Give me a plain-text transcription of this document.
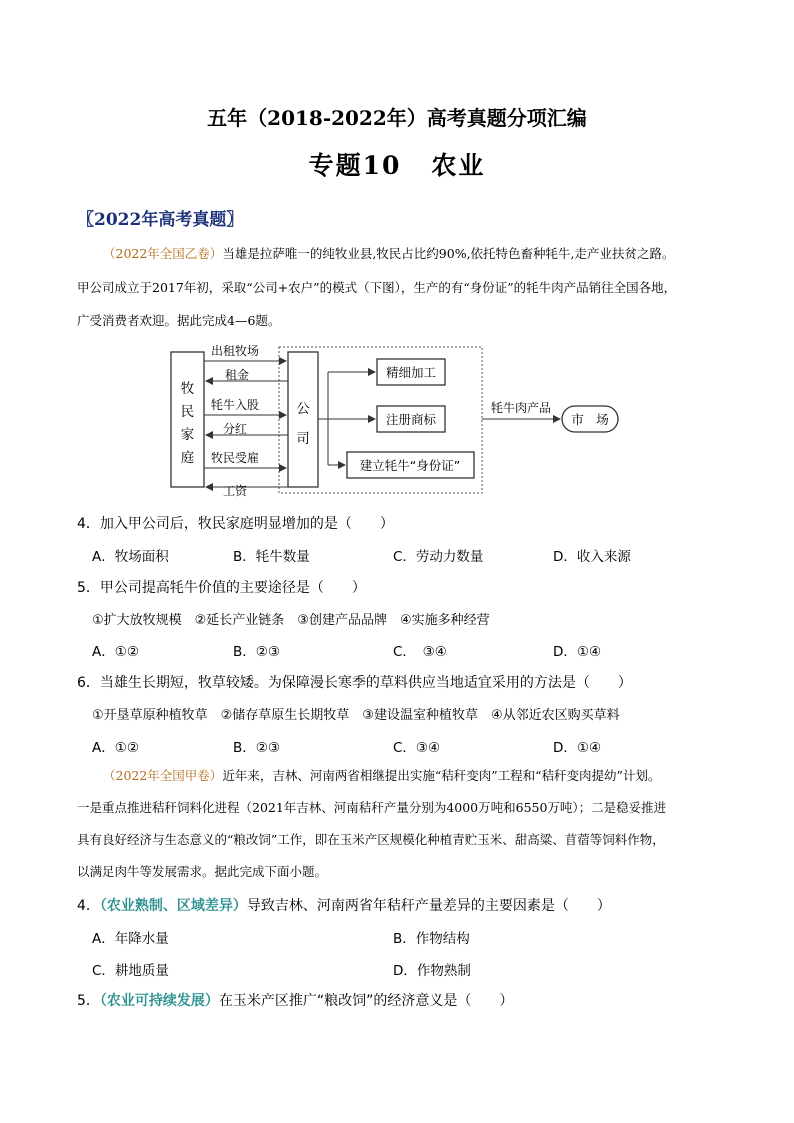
五年（2018-2022年）高考真题分项汇编
专题10 农业
〖2022年高考真题〗
（2022年全国乙卷）当雄是拉萨唯一的纯牧业县,牧民占比约90%,依托特色畜种牦牛,走产业扶贫之路。
甲公司成立于2017年初，采取“公司+农户”的模式（下图），生产的有“身份证”的牦牛肉产品销往全国各地，
广受消费者欢迎。据此完成4—6题。
牧
民
家
庭
公
司
出租牧场
租金
牦牛入股
分红
牧民受雇
工资
精细加工
注册商标
建立牦牛“身份证”
牦牛肉产品
市　场
4．加入甲公司后，牧民家庭明显增加的是（　　）
A．牧场面积	B．牦牛数量	C．劳动力数量	D．收入来源
5．甲公司提高牦牛价值的主要途径是（　　）
①扩大放牧规模　②延长产业链条　③创建产品品牌　④实施多种经营
A．①②	B．②③	C．　③④	D．①④
6．当雄生长期短，牧草较矮。为保障漫长寒季的草料供应当地适宜采用的方法是（　　）
①开垦草原种植牧草　②储存草原生长期牧草　③建设温室种植牧草　④从邻近农区购买草料
A．①②	B．②③	C．③④	D．①④
（2022年全国甲卷）近年来，吉林、河南两省相继提出实施“秸秆变肉”工程和“秸秆变肉提幼”计划。
一是重点推进秸秆饲料化进程（2021年吉林、河南秸秆产量分别为4000万吨和6550万吨）；二是稳妥推进
具有良好经济与生态意义的“粮改饲”工作，即在玉米产区规模化种植青贮玉米、甜高粱、苜蓿等饲料作物，
以满足肉牛等发展需求。据此完成下面小题。
4．（农业熟制、区域差异）导致吉林、河南两省年秸秆产量差异的主要因素是（　　）
A．年降水量	B．作物结构
C．耕地质量	D．作物熟制
5．（农业可持续发展）在玉米产区推广“粮改饲”的经济意义是（　　）
